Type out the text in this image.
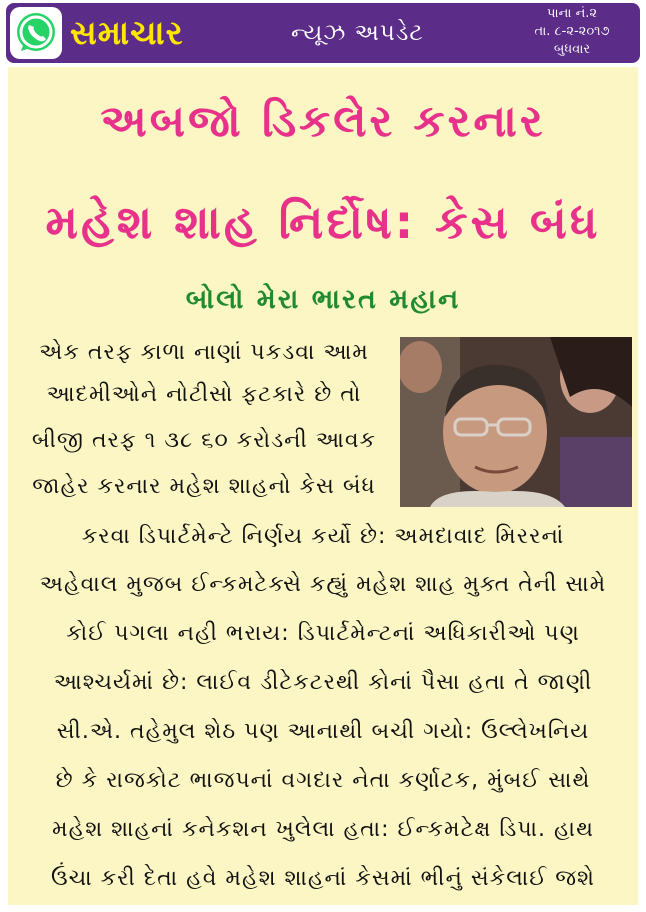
સમાચાર	ન્યૂઝ અપડેટ
પાના નં.૨
તા. ૮-૨-૨૦૧૭
બુધવાર
અબજો ડિકલેર કરનાર
મહેશ શાહ નિર્દોષ: કેસ બંધ
બોલો મેરા ભારત મહાન
એક તરફ કાળા નાણાં પકડવા આમ
આદમીઓને નોટીસો ફટકારે છે તો
બીજી તરફ ૧ ૩૮ ૬૦ કરોડની આવક
જાહેર કરનાર મહેશ શાહનો કેસ બંધ
કરવા ડિપાર્ટમેન્ટે નિર્ણય કર્યો છે: અમદાવાદ મિરરનાં
અહેવાલ મુજબ ઈન્કમટેક્સે કહ્યું મહેશ શાહ મુક્ત તેની સામે
કોઈ પગલા નહી ભરાય: ડિપાર્ટમેન્ટનાં અધિકારીઓ પણ
આશ્ચર્યમાં છે: લાઈવ ડીટેકટરથી કોનાં પૈસા હતા તે જાણી
સી.એ. તહેમુલ શેઠ પણ આનાથી બચી ગયો: ઉલ્લેખનિય
છે કે રાજકોટ ભાજપનાં વગદાર નેતા કર્ણાટક, મુંબઈ સાથે
મહેશ શાહનાં કનેકશન ખુલેલા હતા: ઈન્કમટેક્ષ ડિપા. હાથ
ઉંચા કરી દેતા હવે મહેશ શાહનાં કેસમાં ભીનું સંકેલાઈ જશે
